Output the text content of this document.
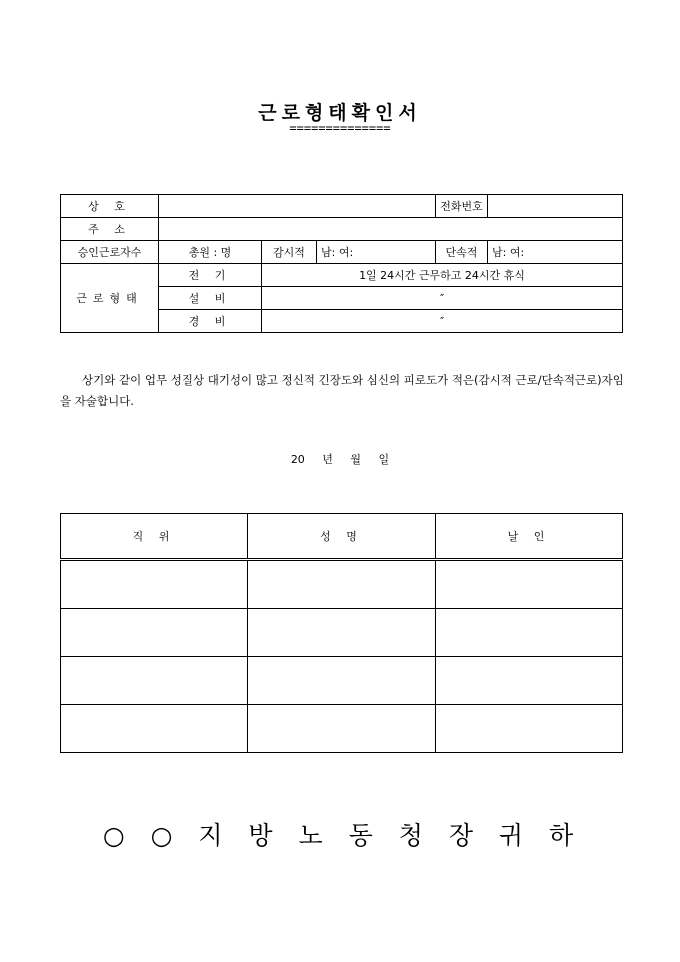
근로형태확인서
==============
상 호				전화번호	
주 소					
승인근로자수	총원 : 명	감시적	남: 여:	단속적	남: 여:
근로형태	전 기	1일 24시간 근무하고 24시간 휴식			
	설 비	″			
	경 비	″			
상기와 같이 업무 성질상 대기성이 많고 정신적 긴장도와 심신의 피로도가 적은(감시적 근로/단속적근로)자임을 자술합니다.
20 년 월 일
직 위	성 명	날 인

○ ○ 지 방 노 동 청 장 귀 하
